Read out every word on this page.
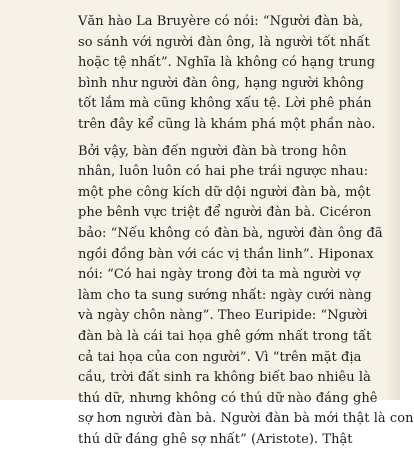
Văn hào La Bruyère có nói: “Người đàn bà,
so sánh với người đàn ông, là người tốt nhất
hoặc tệ nhất”. Nghĩa là không có hạng trung
bình như người đàn ông, hạng người không
tốt lắm mà cũng không xấu tệ. Lời phê phán
trên đây kể cũng là khám phá một phần nào.

Bởi vậy, bàn đến người đàn bà trong hôn
nhân, luôn luôn có hai phe trái ngược nhau:
một phe công kích dữ dội người đàn bà, một
phe bênh vực triệt để người đàn bà. Cicéron
bảo: “Nếu không có đàn bà, người đàn ông đã
ngồi đồng bàn với các vị thần linh”. Hiponax
nói: “Có hai ngày trong đời ta mà người vợ
làm cho ta sung sướng nhất: ngày cưới nàng
và ngày chôn nàng”. Theo Euripide: “Người
đàn bà là cái tai họa ghê gớm nhất trong tất
cả tai họa của con người”. Vì “trên mặt địa
cầu, trời đất sinh ra không biết bao nhiêu là
thú dữ, nhưng không có thú dữ nào đáng ghê
sợ hơn người đàn bà. Người đàn bà mới thật là con
thú dữ đáng ghê sợ nhất” (Aristote). Thật
